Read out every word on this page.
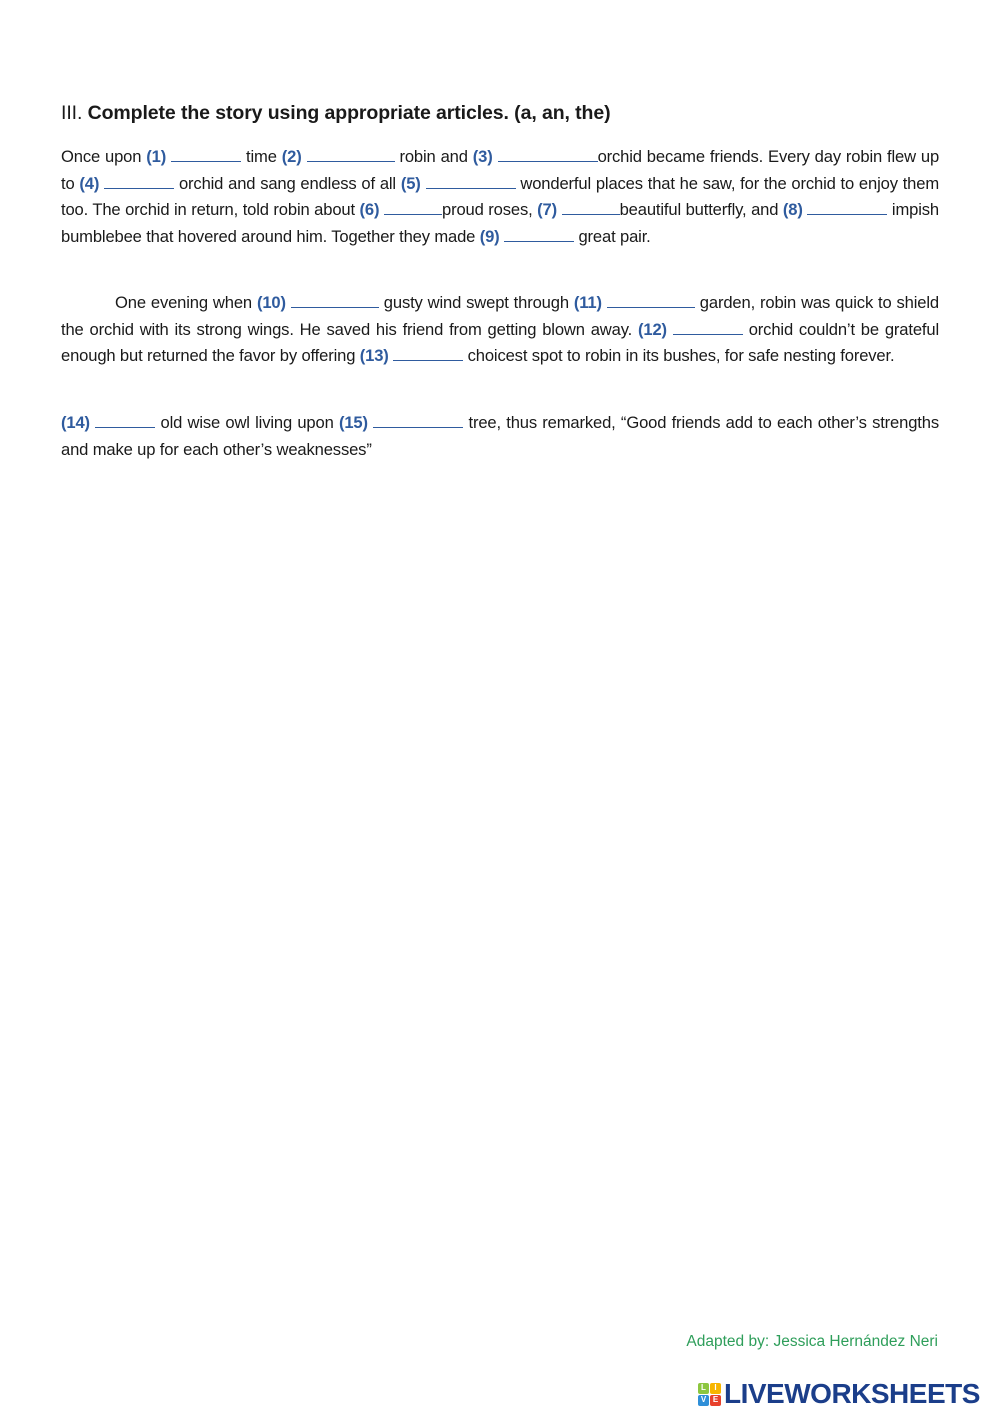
III. Complete the story using appropriate articles. (a, an, the)
Once upon (1)	time (2)	robin and (3)	orchid became friends. Every day robin flew up to (4)	orchid and sang endless of all (5)	wonderful places that he saw, for the orchid to enjoy them too. The orchid in return, told robin about (6)	proud roses, (7)	beautiful butterfly, and (8)	impish bumblebee that hovered around him. Together they made (9)	great pair.
One evening when (10)	gusty wind swept through (11)	garden, robin was quick to shield the orchid with its strong wings. He saved his friend from getting blown away. (12)	orchid couldn’t be grateful enough but returned the favor by offering (13)	choicest spot to robin in its bushes, for safe nesting forever.
(14)	old wise owl living upon (15)	tree, thus remarked, “Good friends add to each other’s strengths and make up for each other’s weaknesses”
Adapted by: Jessica Hernández Neri
L	I
V E LIVEWORKSHEETS
